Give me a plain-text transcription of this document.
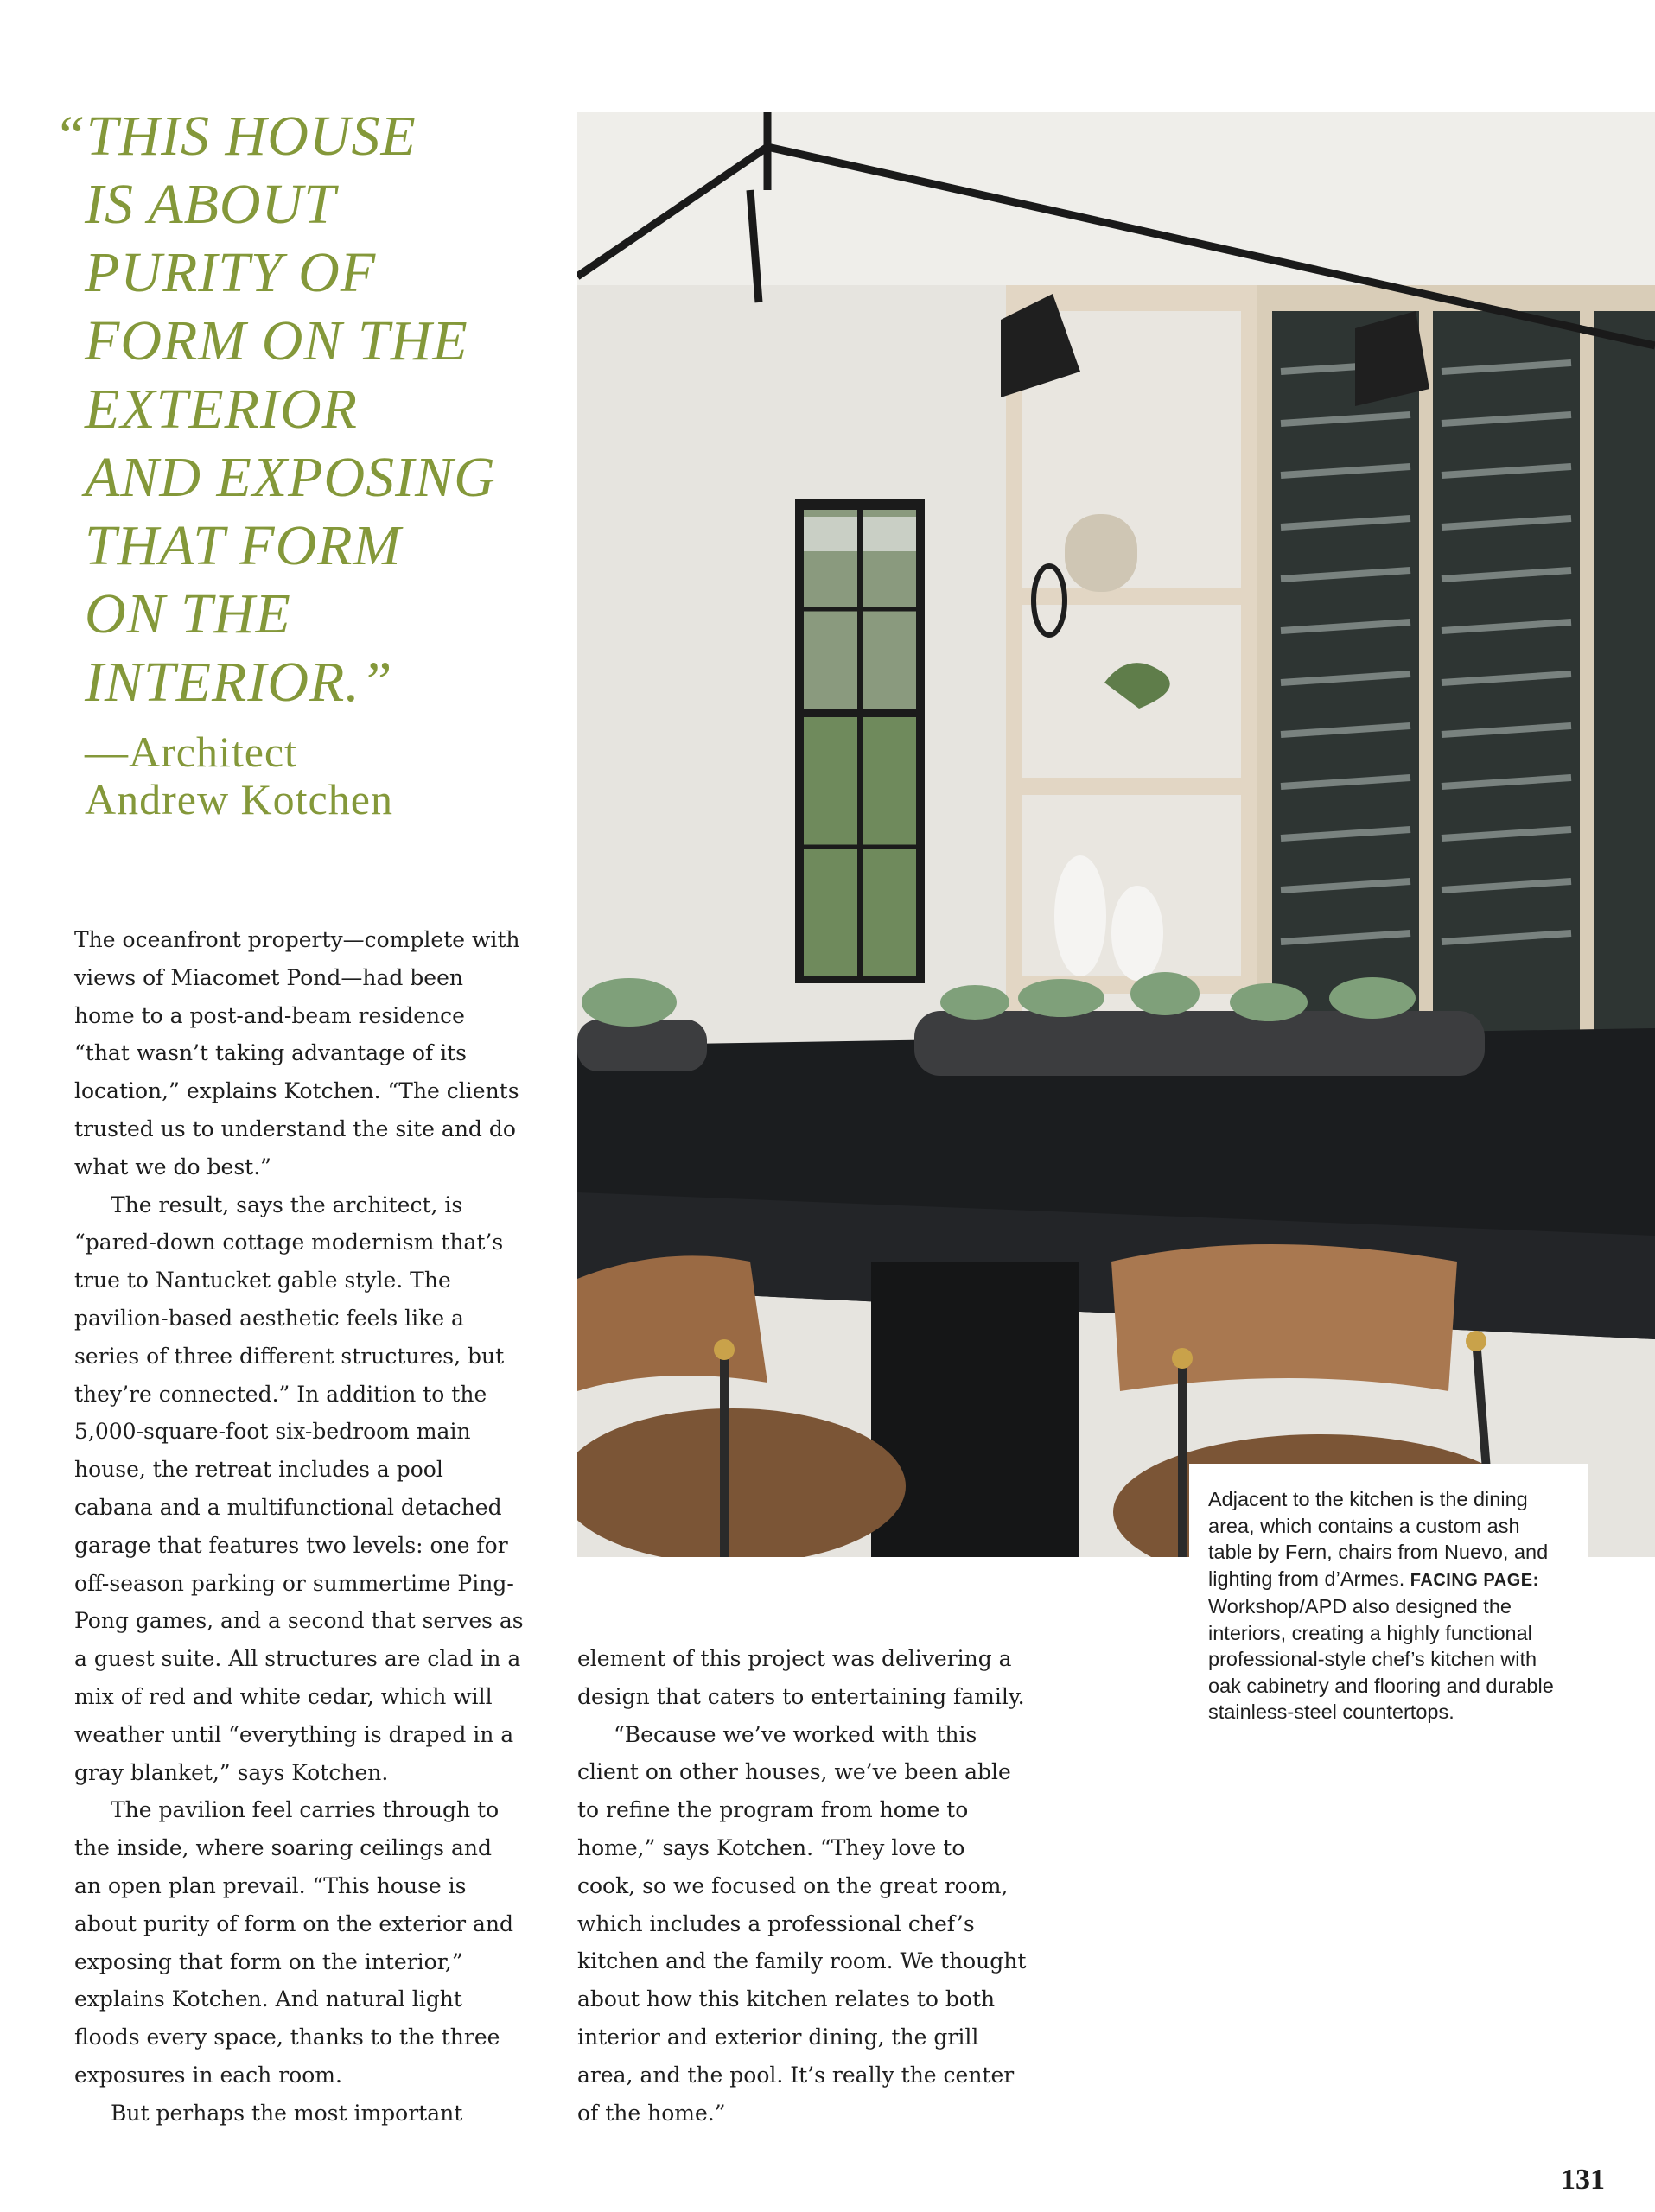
“THIS HOUSE
IS ABOUT
PURITY OF
FORM ON THE
EXTERIOR
AND EXPOSING
THAT FORM
ON THE
INTERIOR.”
—Architect
Andrew Kotchen

The oceanfront property—complete with views of Miacomet Pond—had been home to a post-and-beam residence “that wasn’t taking advantage of its location,” explains Kotchen. “The clients trusted us to understand the site and do what we do best.”

The result, says the architect, is “pared-down cottage modernism that’s true to Nantucket gable style. The pavilion-based aesthetic feels like a series of three different structures, but they’re connected.” In addition to the 5,000-square-foot six-bedroom main house, the retreat includes a pool cabana and a multifunctional detached garage that features two levels: one for off-season parking or summertime Ping-Pong games, and a second that serves as a guest suite. All structures are clad in a mix of red and white cedar, which will weather until “everything is draped in a gray blanket,” says Kotchen.

The pavilion feel carries through to the inside, where soaring ceilings and an open plan prevail. “This house is about purity of form on the exterior and exposing that form on the interior,” explains Kotchen. And natural light floods every space, thanks to the three exposures in each room.

But perhaps the most important

element of this project was delivering a design that caters to entertaining family.

“Because we’ve worked with this client on other houses, we’ve been able to refine the program from home to home,” says Kotchen. “They love to cook, so we focused on the great room, which includes a professional chef’s kitchen and the family room. We thought about how this kitchen relates to both interior and exterior dining, the grill area, and the pool. It’s really the center of the home.”

Adjacent to the kitchen is the dining area, which contains a custom ash table by Fern, chairs from Nuevo, and lighting from d’Armes. FACING PAGE: Workshop/APD also designed the interiors, creating a highly functional professional-style chef’s kitchen with oak cabinetry and flooring and durable stainless-steel countertops.
131
